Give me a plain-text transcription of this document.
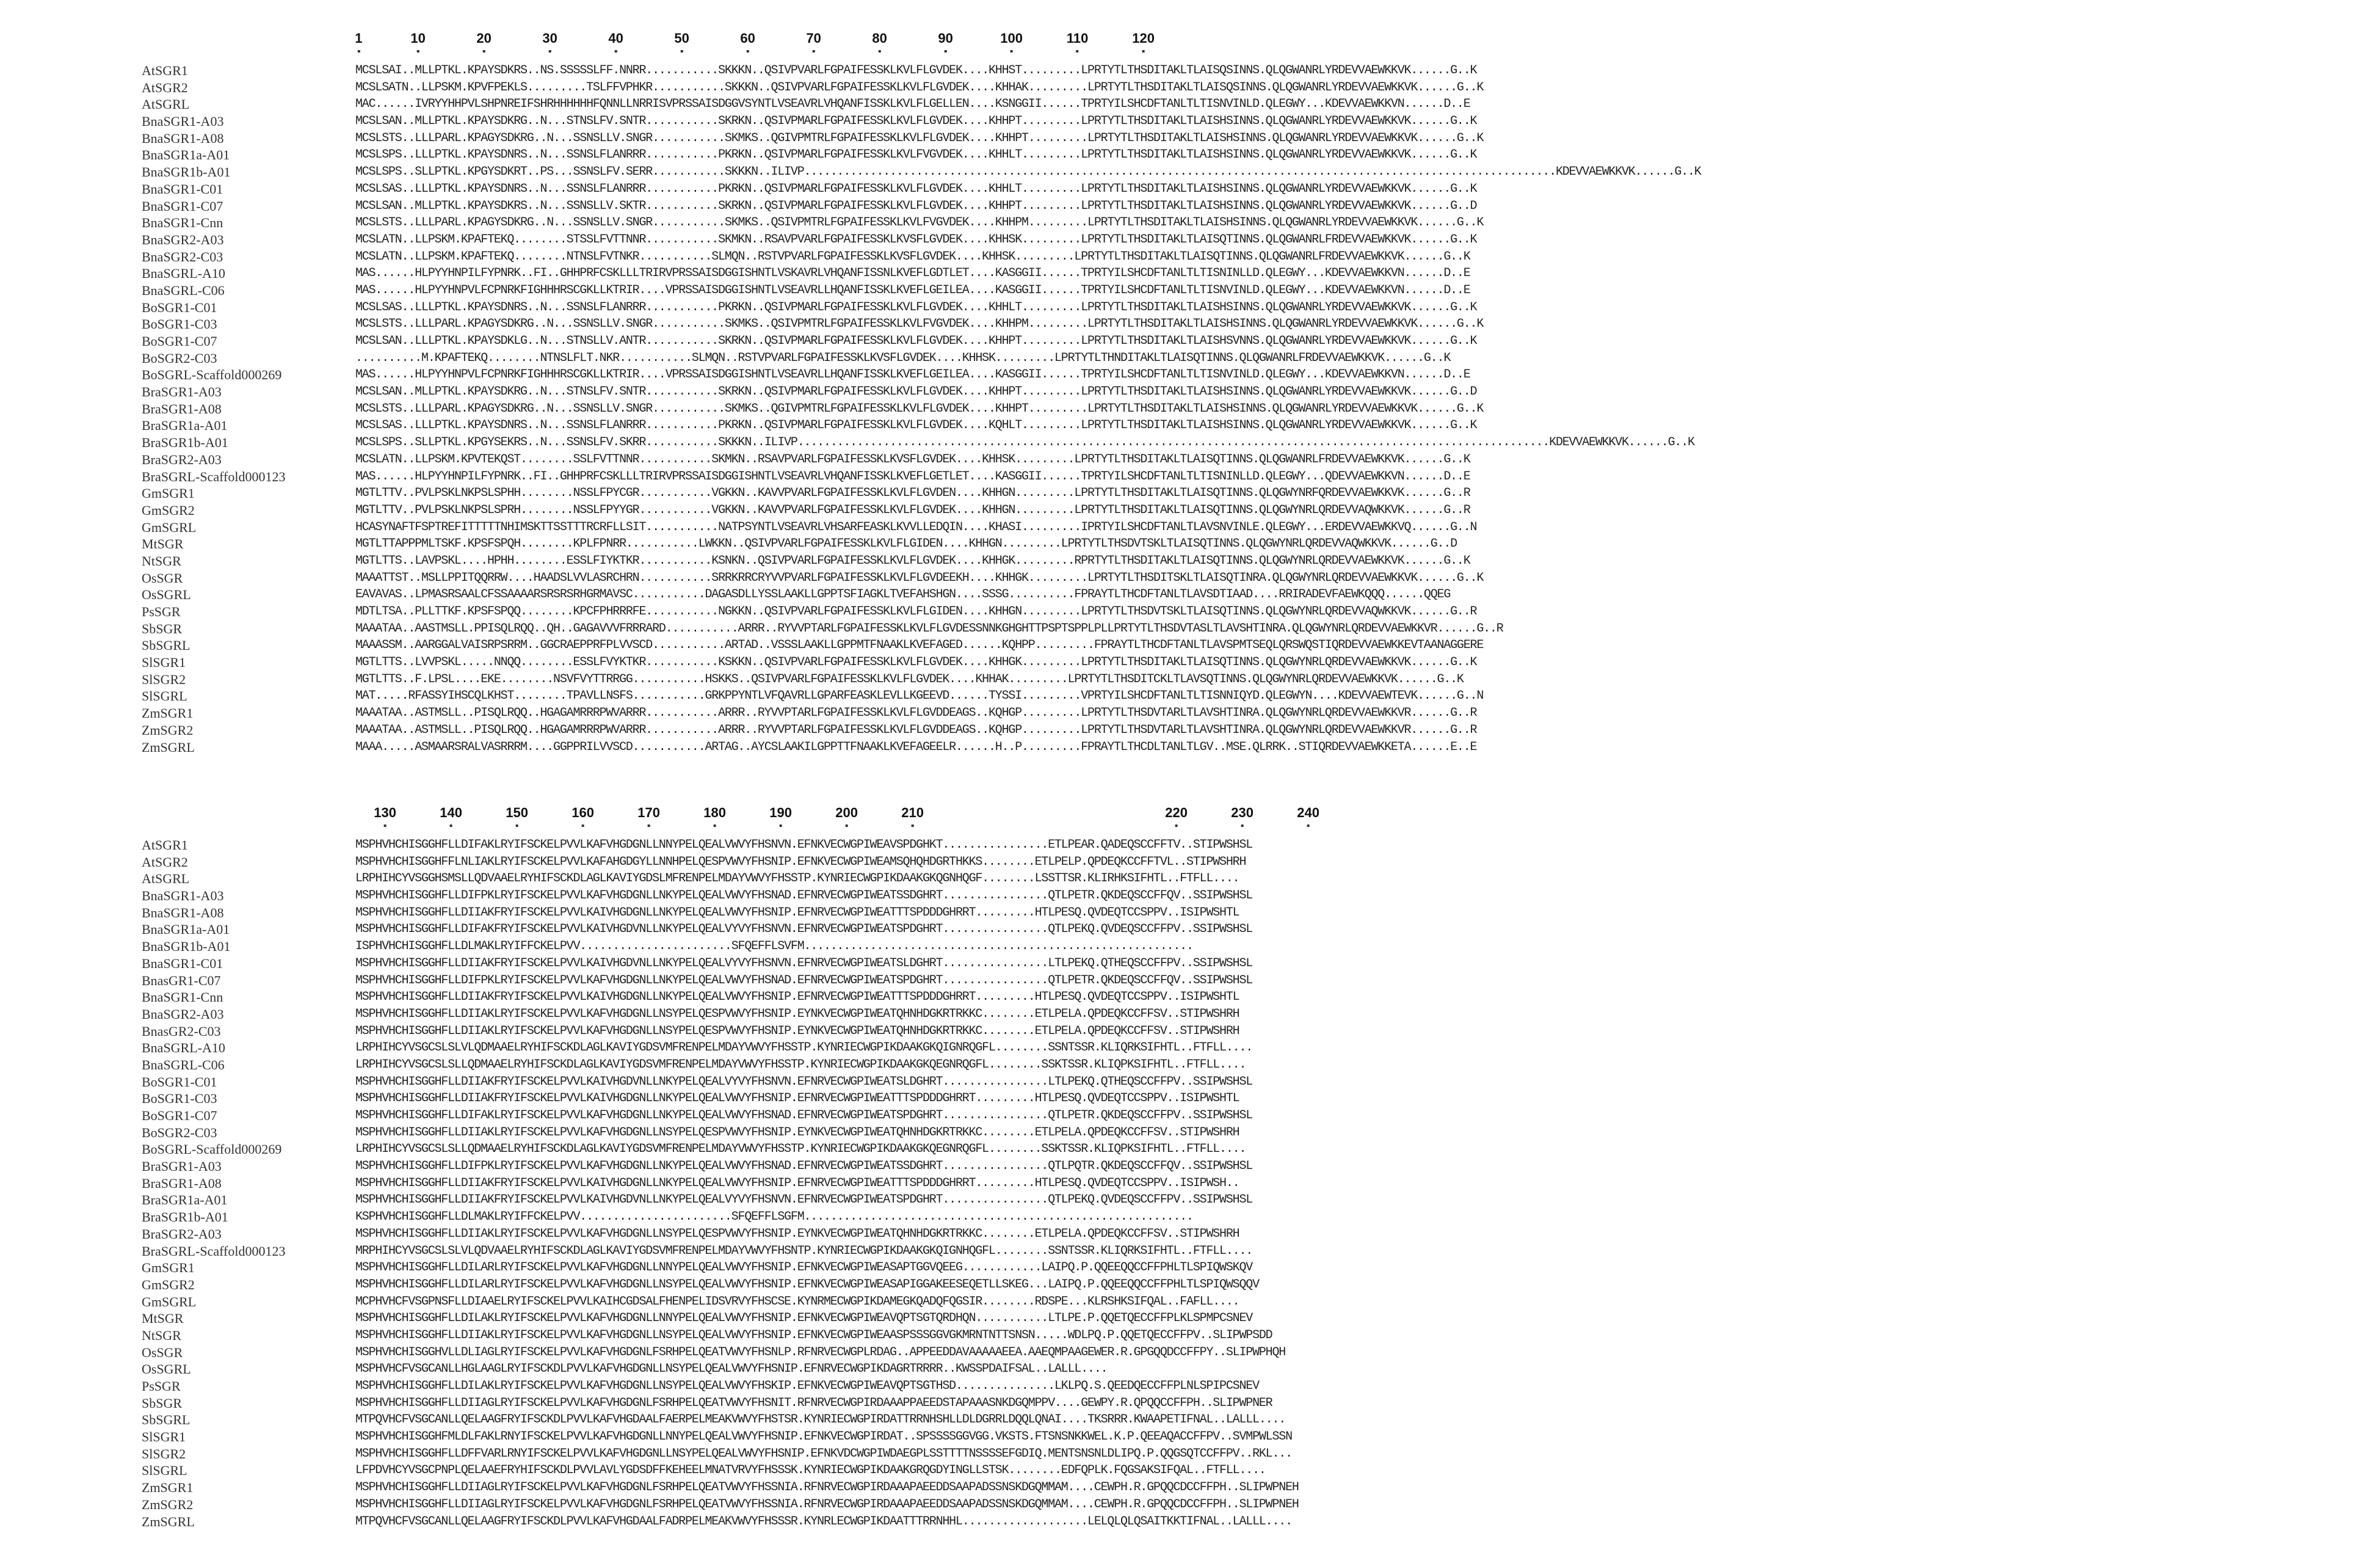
1	10	20	30	40	50	60	70	80	90	100	110	120
AtSGR1	MCSLSAI..MLLPTKL.KPAYSDKRS..NS.SSSSSLFF.NNRR...........SKKKN..QSIVPVARLFGPAIFESSKLKVLFLGVDEK....KHHST.........LPRTYTLTHSDITAKLTLAISQSINNS.QLQGWANRLYRDEVVAEWKKVK......G..K
AtSGR2	MCSLSATN..LLPSKM.KPVFPEKLS.........TSLFFVPHKR...........SKKKN..QSIVPVARLFGPAIFESSKLKVLFLGVDEK....KHHAK.........LPRTYTLTHSDITAKLTLAISQSINNS.QLQGWANRLYRDEVVAEWKKVK......G..K
AtSGRL	MAC......IVRYYHHPVLSHPNREIFSHRHHHHHHFQNNLLNRRISVPRSSAISDGGVSYNTLVSEAVRLVHQANFISSKLKVLFLGELLEN....KSNGGII......TPRTYILSHCDFTANLTLTISNVINLD.QLEGWY...KDEVVAEWKKVN......D..E
BnaSGR1-A03	MCSLSAN..MLLPTKL.KPAYSDKRG..N...STNSLFV.SNTR...........SKRKN..QSIVPMARLFGPAIFESSKLKVLFLGVDEK....KHHPT.........LPRTYTLTHSDITAKLTLAISHSINNS.QLQGWANRLYRDEVVAEWKKVK......G..K
BnaSGR1-A08	MCSLSTS..LLLPARL.KPAGYSDKRG..N...SSNSLLV.SNGR...........SKMKS..QGIVPMTRLFGPAIFESSKLKVLFLGVDEK....KHHPT.........LPRTYTLTHSDITAKLTLAISHSINNS.QLQGWANRLYRDEVVAEWKKVK......G..K
BnaSGR1a-A01	MCSLSPS..LLLPTKL.KPAYSDNRS..N...SSNSLFLANRRR...........PKRKN..QSIVPMARLFGPAIFESSKLKVLFVGVDEK....KHHLT.........LPRTYTLTHSDITAKLTLAISHSINNS.QLQGWANRLYRDEVVAEWKKVK......G..K
BnaSGR1b-A01	MCSLSPS..SLLPTKL.KPGYSDKRT..PS...SSNSLFV.SERR...........SKKKN..ILIVP..................................................................................................................KDEVVAEWKKVK......G..K
BnaSGR1-C01	MCSLSAS..LLLPTKL.KPAYSDNRS..N...SSNSLFLANRRR...........PKRKN..QSIVPMARLFGPAIFESSKLKVLFLGVDEK....KHHLT.........LPRTYTLTHSDITAKLTLAISHSINNS.QLQGWANRLYRDEVVAEWKKVK......G..K
BnaSGR1-C07	MCSLSAN..MLLPTKL.KPAYSDKRS..N...SSNSLLV.SKTR...........SKRKN..QSIVPMARLFGPAIFESSKLKVLFLGVDEK....KHHPT.........LPRTYTLTHSDITAKLTLAISHSINNS.QLQGWANRLYRDEVVAEWKKVK......G..D
BnaSGR1-Cnn	MCSLSTS..LLLPARL.KPAGYSDKRG..N...SSNSLLV.SNGR...........SKMKS..QSIVPMTRLFGPAIFESSKLKVLFVGVDEK....KHHPM.........LPRTYTLTHSDITAKLTLAISHSINNS.QLQGWANRLYRDEVVAEWKKVK......G..K
BnaSGR2-A03	MCSLATN..LLPSKM.KPAFTEKQ........STSSLFVTTNNR...........SKMKN..RSAVPVARLFGPAIFESSKLKVSFLGVDEK....KHHSK.........LPRTYTLTHSDITAKLTLAISQTINNS.QLQGWANRLFRDEVVAEWKKVK......G..K
BnaSGR2-C03	MCSLATN..LLPSKM.KPAFTEKQ........NTNSLFVTNKR...........SLMQN..RSTVPVARLFGPAIFESSKLKVSFLGVDEK....KHHSK.........LPRTYTLTHSDITAKLTLAISQTINNS.QLQGWANRLFRDEVVAEWKKVK......G..K
BnaSGRL-A10	MAS......HLPYYHNPILFYPNRK..FI..GHHPRFCSKLLLTRIRVPRSSAISDGGISHNTLVSKAVRLVHQANFISSNLKVEFLGDTLET....KASGGII......TPRTYILSHCDFTANLTLTISNINLLD.QLEGWY...KDEVVAEWKKVN......D..E
BnaSGRL-C06	MAS......HLPYYHNPVLFCPNRKFIGHHHRSCGKLLKTRIR....VPRSSAISDGGISHNTLVSEAVRLLHQANFISSKLKVEFLGEILEA....KASGGII......TPRTYILSHCDFTANLTLTISNVINLD.QLEGWY...KDEVVAEWKKVN......D..E
BoSGR1-C01	MCSLSAS..LLLPTKL.KPAYSDNRS..N...SSNSLFLANRRR...........PKRKN..QSIVPMARLFGPAIFESSKLKVLFLGVDEK....KHHLT.........LPRTYTLTHSDITAKLTLAISHSINNS.QLQGWANRLYRDEVVAEWKKVK......G..K
BoSGR1-C03	MCSLSTS..LLLPARL.KPAGYSDKRG..N...SSNSLLV.SNGR...........SKMKS..QSIVPMTRLFGPAIFESSKLKVLFVGVDEK....KHHPM.........LPRTYTLTHSDITAKLTLAISHSINNS.QLQGWANRLYRDEVVAEWKKVK......G..K
BoSGR1-C07	MCSLSAN..LLLPTKL.KPAYSDKLG..N...STNSLLV.ANTR...........SKRKN..QSIVPMARLFGPAIFESSKLKVLFLGVDEK....KHHPT.........LPRTYTLTHSDITAKLTLAISHSVNNS.QLQGWANRLYRDEVVAEWKKVK......G..K
BoSGR2-C03	..........M.KPAFTEKQ........NTNSLFLT.NKR...........SLMQN..RSTVPVARLFGPAIFESSKLKVSFLGVDEK....KHHSK.........LPRTYTLTHNDITAKLTLAISQTINNS.QLQGWANRLFRDEVVAEWKKVK......G..K
BoSGRL-Scaffold000269	MAS......HLPYYHNPVLFCPNRKFIGHHHRSCGKLLKTRIR....VPRSSAISDGGISHNTLVSEAVRLLHQANFISSKLKVEFLGEILEA....KASGGII......TPRTYILSHCDFTANLTLTISNVINLD.QLEGWY...KDEVVAEWKKVN......D..E
BraSGR1-A03	MCSLSAN..MLLPTKL.KPAYSDKRG..N...STNSLFV.SNTR...........SKRKN..QSIVPMARLFGPAIFESSKLKVLFLGVDEK....KHHPT.........LPRTYTLTHSDITAKLTLAISHSINNS.QLQGWANRLYRDEVVAEWKKVK......G..D
BraSGR1-A08	MCSLSTS..LLLPARL.KPAGYSDKRG..N...SSNSLLV.SNGR...........SKMKS..QGIVPMTRLFGPAIFESSKLKVLFLGVDEK....KHHPT.........LPRTYTLTHSDITAKLTLAISHSINNS.QLQGWANRLYRDEVVAEWKKVK......G..K
BraSGR1a-A01	MCSLSAS..LLLPTKL.KPAYSDNRS..N...SSNSLFLANRRR...........PKRKN..QSIVPMARLFGPAIFESSKLKVLFLGVDEK....KQHLT.........LPRTYTLTHSDITAKLTLAISHSINNS.QLQGWANRLYRDEVVAEWKKVK......G..K
BraSGR1b-A01	MCSLSPS..SLLPTKL.KPGYSEKRS..N...SSNSLFV.SKRR...........SKKKN..ILIVP..................................................................................................................KDEVVAEWKKVK......G..K
BraSGR2-A03	MCSLATN..LLPSKM.KPVTEKQST........SSLFVTTNNR...........SKMKN..RSAVPVARLFGPAIFESSKLKVSFLGVDEK....KHHSK.........LPRTYTLTHSDITAKLTLAISQTINNS.QLQGWANRLFRDEVVAEWKKVK......G..K
BraSGRL-Scaffold000123	MAS......HLPYYHNPILFYPNRK..FI..GHHPRFCSKLLLTRIRVPRSSAISDGGISHNTLVSEAVRLVHQANFISSKLKVEFLGETLET....KASGGII......TPRTYILSHCDFTANLTLTISNINLLD.QLEGWY...QDEVVAEWKKVN......D..E
GmSGR1	MGTLTTV..PVLPSKLNKPSLSPHH........NSSLFPYCGR...........VGKKN..KAVVPVARLFGPAIFESSKLKVLFLGVDEN....KHHGN.........LPRTYTLTHSDITAKLTLAISQTINNS.QLQGWYNRFQRDEVVAEWKKVK......G..R
GmSGR2	MGTLTTV..PVLPSKLNKPSLSPRH........NSSLFPYYGR...........VGKKN..KAVVPVARLFGPAIFESSKLKVLFLGVDEK....KHHGN.........LPRTYTLTHSDITAKLTLAISQTINNS.QLQGWYNRLQRDEVVAQWKKVK......G..R
GmSGRL	HCASYNAFTFSPTREFITTTTTNHIMSKTTSSTTTRCRFLLSIT...........NATPSYNTLVSEAVRLVHSARFEASKLKVVLLEDQIN....KHASI.........IPRTYILSHCDFTANLTLAVSNVINLE.QLEGWY...ERDEVVAEWKKVQ......G..N
MtSGR	MGTLTTAPPPMLTSKF.KPSFSPQH........KPLFPNRR...........LWKKN..QSIVPVARLFGPAIFESSKLKVLFLGIDEN....KHHGN.........LPRTYTLTHSDVTSKLTLAISQTINNS.QLQGWYNRLQRDEVVAQWKKVK......G..D
NtSGR	MGTLTTS..LAVPSKL....HPHH........ESSLFIYKTKR...........KSNKN..QSIVPVARLFGPAIFESSKLKVLFLGVDEK....KHHGK.........RPRTYTLTHSDITAKLTLAISQTINNS.QLQGWYNRLQRDEVVAEWKKVK......G..K
OsSGR	MAAATTST..MSLLPPITQQRRW....HAADSLVVLASRCHRN...........SRRKRRCRYVVPVARLFGPAIFESSKLKVLFLGVDEEKH....KHHGK.........LPRTYTLTHSDITSKLTLAISQTINRA.QLQGWYNRLQRDEVVAEWKKVK......G..K
OsSGRL	EAVAVAS..LPMASRSAALCFSSAAAARSRSRSRHGRMAVSC...........DAGASDLLYSSLAAKLLGPPTSFIAGKLTVEFAHSHGN....SSSG..........FPRAYTLTHCDFTANLTLAVSDTIAAD....RRIRADEVFAEWKQQQ......QQEG
PsSGR	MDTLTSA..PLLTTKF.KPSFSPQQ........KPCFPHRRRFE...........NGKKN..QSIVPVARLFGPAIFESSKLKVLFLGIDEN....KHHGN.........LPRTYTLTHSDVTSKLTLAISQTINNS.QLQGWYNRLQRDEVVAQWKKVK......G..R
SbSGR	MAAATAA..AASTMSLL.PPISQLRQQ..QH..GAGAVVVFRRRARD...........ARRR..RYVVPTARLFGPAIFESSKLKVLFLGVDESSNNKGHGHTTPSPTSPPLPLLPRTYTLTHSDVTASLTLAVSHTINRA.QLQGWYNRLQRDEVVAEWKKVR......G..R
SbSGRL	MAAASSM..AARGGALVAISRPSRRM..GGCRAEPPRFPLVVSCD...........ARTAD..VSSSLAAKLLGPPMTFNAAKLKVEFAGED......KQHPP.........FPRAYTLTHCDFTANLTLAVSPMTSEQLQRSWQSTIQRDEVVAEWKKEVTAANAGGERE
SlSGR1	MGTLTTS..LVVPSKL.....NNQQ........ESSLFVYKTKR...........KSKKN..QSIVPVARLFGPAIFESSKLKVLFLGVDEK....KHHGK.........LPRTYTLTHSDITAKLTLAISQTINNS.QLQGWYNRLQRDEVVAEWKKVK......G..K
SlSGR2	MGTLTTS..F.LPSL....EKE........NSVFVYTTRRGG...........HSKKS..QSIVPVARLFGPAIFESSKLKVLFLGVDEK....KHHAK.........LPRTYTLTHSDITCKLTLAVSQTINNS.QLQGWYNRLQRDEVVAEWKKVK......G..K
SlSGRL	MAT.....RFASSYIHSCQLKHST........TPAVLLNSFS...........GRKPPYNTLVFQAVRLLGPARFEASKLEVLLKGEEVD......TYSSI.........VPRTYILSHCDFTANLTLTISNNIQYD.QLEGWYN....KDEVVAEWTEVK......G..N
ZmSGR1	MAAATAA..ASTMSLL..PISQLRQQ..HGAGAMRRRPWVARRR...........ARRR..RYVVPTARLFGPAIFESSKLKVLFLGVDDEAGS..KQHGP.........LPRTYTLTHSDVTARLTLAVSHTINRA.QLQGWYNRLQRDEVVAEWKKVR......G..R
ZmSGR2	MAAATAA..ASTMSLL..PISQLRQQ..HGAGAMRRRPWVARRR...........ARRR..RYVVPTARLFGPAIFESSKLKVLFLGVDDEAGS..KQHGP.........LPRTYTLTHSDVTARLTLAVSHTINRA.QLQGWYNRLQRDEVVAEWKKVR......G..R
ZmSGRL	MAAA.....ASMAARSRALVASRRRM....GGPPRILVVSCD...........ARTAG..AYCSLAAKILGPPTTFNAAKLKVEFAGEELR......H..P.........FPRAYTLTHCDLTANLTLGV..MSE.QLRRK..STIQRDEVVAEWKKETA......E..E
130	140	150	160	170	180	190	200	210	220	230	240
AtSGR1	MSPHVHCHISGGHFLLDIFAKLRYIFSCKELPVVLKAFVHGDGNLLNNYPELQEALVWVYFHSNVN.EFNKVECWGPIWEAVSPDGHKT................ETLPEAR.QADEQSCCFFTV..STIPWSHSL
AtSGR2	MSPHVHCHISGGHFFLNLIAKLRYIFSCKELPVVLKAFAHGDGYLLNNHPELQESPVWVYFHSNIP.EFNKVECWGPIWEAMSQHQHDGRTHKKS........ETLPELP.QPDEQKCCFFTVL..STIPWSHRH
AtSGRL	LRPHIHCYVSGGHSMSLLQDVAAELRYHIFSCKDLAGLKAVIYGDSLMFRENPELMDAYVWVYFHSSTP.KYNRIECWGPIKDAAKGKQGNHQGF........LSSTTSR.KLIRHKSIFHTL..FTFLL....
BnaSGR1-A03	MSPHVHCHISGGHFLLDIFPKLRYIFSCKELPVVLKAFVHGDGNLLNKYPELQEALVWVYFHSNAD.EFNRVECWGPIWEATSSDGHRT................QTLPETR.QKDEQSCCFFQV..SSIPWSHSL
BnaSGR1-A08	MSPHVHCHISGGHFLLDIIAKFRYIFSCKELPVVLKAIVHGDGNLLNKYPELQEALVWVYFHSNIP.EFNRVECWGPIWEATTTSPDDDGHRRT.........HTLPESQ.QVDEQTCCSPPV..ISIPWSHTL
BnaSGR1a-A01	MSPHVHCHISGGHFLLDIFAKFRYIFSCKELPVVLKAIVHGDVNLLNKYPELQEALVYVYFHSNVN.EFNRVECWGPIWEATSPDGHRT................QTLPEKQ.QVDEQSCCFFPV..SSIPWSHSL
BnaSGR1b-A01	ISPHVHCHISGGHFLLDLMAKLRYIFFCKELPVV.......................SFQEFFLSVFM...........................................................
BnaSGR1-C01	MSPHVHCHISGGHFLLDIIAKFRYIFSCKELPVVLKAIVHGDVNLLNKYPELQEALVYVYFHSNVN.EFNRVECWGPIWEATSLDGHRT................LTLPEKQ.QTHEQSCCFFPV..SSIPWSHSL
BnasGR1-C07	MSPHVHCHISGGHFLLDIFPKLRYIFSCKELPVVLKAFVHGDGNLLNKYPELQEALVWVYFHSNAD.EFNRVECWGPIWEATSPDGHRT................QTLPETR.QKDEQSCCFFQV..SSIPWSHSL
BnaSGR1-Cnn	MSPHVHCHISGGHFLLDIIAKFRYIFSCKELPVVLKAIVHGDGNLLNKYPELQEALVWVYFHSNIP.EFNRVECWGPIWEATTTSPDDDGHRRT.........HTLPESQ.QVDEQTCCSPPV..ISIPWSHTL
BnaSGR2-A03	MSPHVHCHISGGHFLLDIIAKLRYIFSCKELPVVLKAFVHGDGNLLNSYPELQESPVWVYFHSNIP.EYNKVECWGPIWEATQHNHDGKRTRKKC........ETLPELA.QPDEQKCCFFSV..STIPWSHRH
BnasGR2-C03	MSPHVHCHISGGHFLLDIIAKLRYIFSCKELPVVLKAFVHGDGNLLNSYPELQESPVWVYFHSNIP.EYNKVECWGPIWEATQHNHDGKRTRKKC........ETLPELA.QPDEQKCCFFSV..STIPWSHRH
BnaSGRL-A10	LRPHIHCYVSGCSLSLVLQDMAAELRYHIFSCKDLAGLKAVIYGDSVMFRENPELMDAYVWVYFHSSTP.KYNRIECWGPIKDAAKGKQIGNRQGFL........SSNTSSR.KLIQRKSIFHTL..FTFLL....
BnaSGRL-C06	LRPHIHCYVSGCSLSLLQDMAAELRYHIFSCKDLAGLKAVIYGDSVMFRENPELMDAYVWVYFHSSTP.KYNRIECWGPIKDAAKGKQEGNRQGFL........SSKTSSR.KLIQPKSIFHTL..FTFLL....
BoSGR1-C01	MSPHVHCHISGGHFLLDIIAKFRYIFSCKELPVVLKAIVHGDVNLLNKYPELQEALVYVYFHSNVN.EFNRVECWGPIWEATSLDGHRT................LTLPEKQ.QTHEQSCCFFPV..SSIPWSHSL
BoSGR1-C03	MSPHVHCHISGGHFLLDIIAKFRYIFSCKELPVVLKAIVHGDGNLLNKYPELQEALVWVYFHSNIP.EFNRVECWGPIWEATTTSPDDDGHRRT.........HTLPESQ.QVDEQTCCSPPV..ISIPWSHTL
BoSGR1-C07	MSPHVHCHISGGHFLLDIFAKLRYIFSCKELPVVLKAFVHGDGNLLNKYPELQEALVWVYFHSNAD.EFNRVECWGPIWEATSPDGHRT................QTLPETR.QKDEQSCCFFPV..SSIPWSHSL
BoSGR2-C03	MSPHVHCHISGGHFLLDIIAKLRYIFSCKELPVVLKAFVHGDGNLLNSYPELQESPVWVYFHSNIP.EYNKVECWGPIWEATQHNHDGKRTRKKC........ETLPELA.QPDEQKCCFFSV..STIPWSHRH
BoSGRL-Scaffold000269	LRPHIHCYVSGCSLSLLQDMAAELRYHIFSCKDLAGLKAVIYGDSVMFRENPELMDAYVWVYFHSSTP.KYNRIECWGPIKDAAKGKQEGNRQGFL........SSKTSSR.KLIQPKSIFHTL..FTFLL....
BraSGR1-A03	MSPHVHCHISGGHFLLDIFPKLRYIFSCKELPVVLKAFVHGDGNLLNKYPELQEALVWVYFHSNAD.EFNRVECWGPIWEATSSDGHRT................QTLPQTR.QKDEQSCCFFQV..SSIPWSHSL
BraSGR1-A08	MSPHVHCHISGGHFLLDIIAKFRYIFSCKELPVVLKAIVHGDGNLLNKYPELQEALVWVYFHSNIP.EFNRVECWGPIWEATTTSPDDDGHRRT.........HTLPESQ.QVDEQTCCSPPV..ISIPWSH..
BraSGR1a-A01	MSPHVHCHISGGHFLLDIIAKFRYIFSCKELPVVLKAIVHGDVNLLNKYPELQEALVYVYFHSNVN.EFNRVECWGPIWEATSPDGHRT................QTLPEKQ.QVDEQSCCFFPV..SSIPWSHSL
BraSGR1b-A01	KSPHVHCHISGGHFLLDLMAKLRYIFFCKELPVV.......................SFQEFFLSGFM...........................................................
BraSGR2-A03	MSPHVHCHISGGHFLLDIIAKLRYIFSCKELPVVLKAFVHGDGNLLNSYPELQESPVWVYFHSNIP.EYNKVECWGPIWEATQHNHDGKRTRKKC........ETLPELA.QPDEQKCCFFSV..STIPWSHRH
BraSGRL-Scaffold000123	MRPHIHCYVSGCSLSLVLQDVAAELRYHIFSCKDLAGLKAVIYGDSVMFRENPELMDAYVWVYFHSNTP.KYNRIECWGPIKDAAKGKQIGNHQGFL........SSNTSSR.KLIQRKSIFHTL..FTFLL....
GmSGR1	MSPHVHCHISGGHFLLDILARLRYIFSCKELPVVLKAFVHGDGNLLNNYPELQEALVWVYFHSNIP.EFNKVECWGPIWEASAPTGGVQEEG............LAIPQ.P.QQEEQQCCFFPHLTLSPIQWSKQV
GmSGR2	MSPHVHCHISGGHFLLDILARLRYIFSCKELPVVLKAFVHGDGNLLNSYPELQEALVWVYFHSNIP.EFNKVECWGPIWEASAPIGGAKEESEQETLLSKEG...LAIPQ.P.QQEEQQCCFFPHLTLSPIQWSQQV
GmSGRL	MCPHVHCFVSGPNSFLLDIAAELRYIFSCKELPVVLKAIHCGDSALFHENPELIDSVRVYFHSCSE.KYNRMECWGPIKDAMEGKQADQFQGSIR........RDSPE...KLRSHKSIFQAL..FAFLL....
MtSGR	MSPHVHCHISGGHFLLDILAKLRYIFSCKELPVVLKAFVHGDGNLLNNYPELQEALVWVYFHSNIP.EFNKVECWGPIWEAVQPTSGTQRDHQN...........LTLPE.P.QQETQECCFFPLKLSPMPCSNEV
NtSGR	MSPHVHCHISGGHFLLDIIAKLRYIFSCKELPVVLKAFVHGDGNLLNSYPELQEALVWVYFHSNIP.EFNKVECWGPIWEAASPSSSGGVGKMRNTNTTSNSN.....WDLPQ.P.QQETQECCFFPV..SLIPWPSDD
OsSGR	MSPHVHCHISGGHVLLDLIAGLRYIFSCKELPVVLKAFVHGDGNLFSRHPELQEATVWVYFHSNLP.RFNRVECWGPLRDAG..APPEEDDAVAAAAAEEA.AAEQMPAAGEWER.R.GPGQQDCCFFPY..SLIPWPHQH
OsSGRL	MSPHVHCFVSGCANLLHGLAAGLRYIFSCKDLPVVLKAFVHGDGNLLNSYPELQEALVWVYFHSNIP.EFNRVECWGPIKDAGRTRRRR..KWSSPDAIFSAL..LALLL....
PsSGR	MSPHVHCHISGGHFLLDILAKLRYIFSCKELPVVLKAFVHGDGNLLNSYPELQEALVWVYFHSKIP.EFNKVECWGPIWEAVQPTSGTHSD...............LKLPQ.S.QEEDQECCFFPLNLSPIPCSNEV
SbSGR	MSPHVHCHISGGHFLLDIIAGLRYIFSCKELPVVLKAFVHGDGNLFSRHPELQEATVWVYFHSNIT.RFNRVECWGPIRDAAAPPAEEDSTAPAAASNKDGQMPPV....GEWPY.R.QPQQCCFFPH..SLIPWPNER
SbSGRL	MTPQVHCFVSGCANLLQELAAGFRYIFSCKDLPVVLKAFVHGDAALFAERPELMEAKVWVYFHSTSR.KYNRIECWGPIRDATTRRNHSHLLDLDGRRLDQQLQNAI....TKSRRR.KWAAPETIFNAL..LALLL....
SlSGR1	MSPHVHCHISGGHFMLDLFAKLRNYIFSCKELPVVLKAFVHGDGNLLNNYPELQEALVWVYFHSNIP.EFNKVECWGPIRDAT..SPSSSSGGVGG.VKSTS.FTSNSNKKWEL.K.P.QEEAQACCFFPV..SVMPWLSSN
SlSGR2	MSPHVHCHISGGHFLLDFFVARLRNYIFSCKELPVVLKAFVHGDGNLLNSYPELQEALVWVYFHSNIP.EFNKVDCWGPIWDAEGPLSSTTTTNSSSSEFGDIQ.MENTSNSNLDLIPQ.P.QQGSQTCCFFPV..RKL...
SlSGRL	LFPDVHCYVSGCPNPLQELAAEFRYHIFSCKDLPVVLAVLYGDSDFFKEHEELMNATVRVYFHSSSK.KYNRIECWGPIKDAAKGRQGDYINGLLSTSK........EDFQPLK.FQGSAKSIFQAL..FTFLL....
ZmSGR1	MSPHVHCHISGGHFLLDIIAGLRYIFSCKELPVVLKAFVHGDGNLFSRHPELQEATVWVYFHSSNIA.RFNRVECWGPIRDAAAPAEEDDSAAPADSSNSKDGQMMAM....CEWPH.R.GPQQCDCCFFPH..SLIPWPNEH
ZmSGR2	MSPHVHCHISGGHFLLDIIAGLRYIFSCKELPVVLKAFVHGDGNLFSRHPELQEATVWVYFHSSNIA.RFNRVECWGPIRDAAAPAEEDDSAAPADSSNSKDGQMMAM....CEWPH.R.GPQQCDCCFFPH..SLIPWPNEH
ZmSGRL	MTPQVHCFVSGCANLLQELAAGFRYIFSCKDLPVVLKAFVHGDAALFADRPELMEAKVWVYFHSSSR.KYNRLECWGPIKDAATTTRRNHHL...................LELQLQLQSAITKKTIFNAL..LALLL....
